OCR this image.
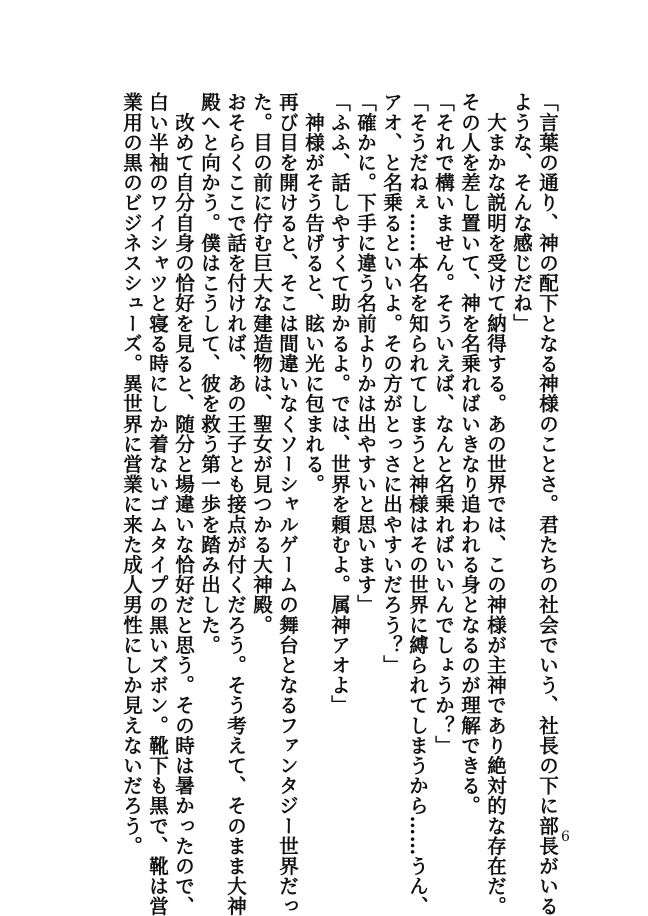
「言葉の通り、神の配下となる神様のことさ。君たちの社会でいう、社長の下に部長がいる

ような、そんな感じだね」

　大まかな説明を受けて納得する。あの世界では、この神様が主神であり絶対的な存在だ。

その人を差し置いて、神を名乗ればいきなり追われる身となるのが理解できる。

「それで構いません。そういえば、なんと名乗ればいいんでしょうか？」

「そうだねぇ……本名を知られてしまうと神様はその世界に縛られてしまうから……うん、

アオ、と名乗るといいよ。その方がとっさに出やすいだろう？」

「確かに。下手に違う名前よりかは出やすいと思います」

「ふふ、話しやすくて助かるよ。では、世界を頼むよ。属神アオよ」

　神様がそう告げると、眩い光に包まれる。

再び目を開けると、そこは間違いなくソーシャルゲームの舞台となるファンタジー世界だっ

た。目の前に佇む巨大な建造物は、聖女が見つかる大神殿。

おそらくここで話を付ければ、あの王子とも接点が付くだろう。そう考えて、そのまま大神

殿へと向かう。僕はこうして、彼を救う第一歩を踏み出した。

　改めて自分自身の恰好を見ると、随分と場違いな恰好だと思う。その時は暑かったので、

白い半袖のワイシャツと寝る時にしか着ないゴムタイプの黒いズボン。靴下も黒で、靴は営

業用の黒のビジネスシューズ。異世界に営業に来た成人男性にしか見えないだろう。	6
